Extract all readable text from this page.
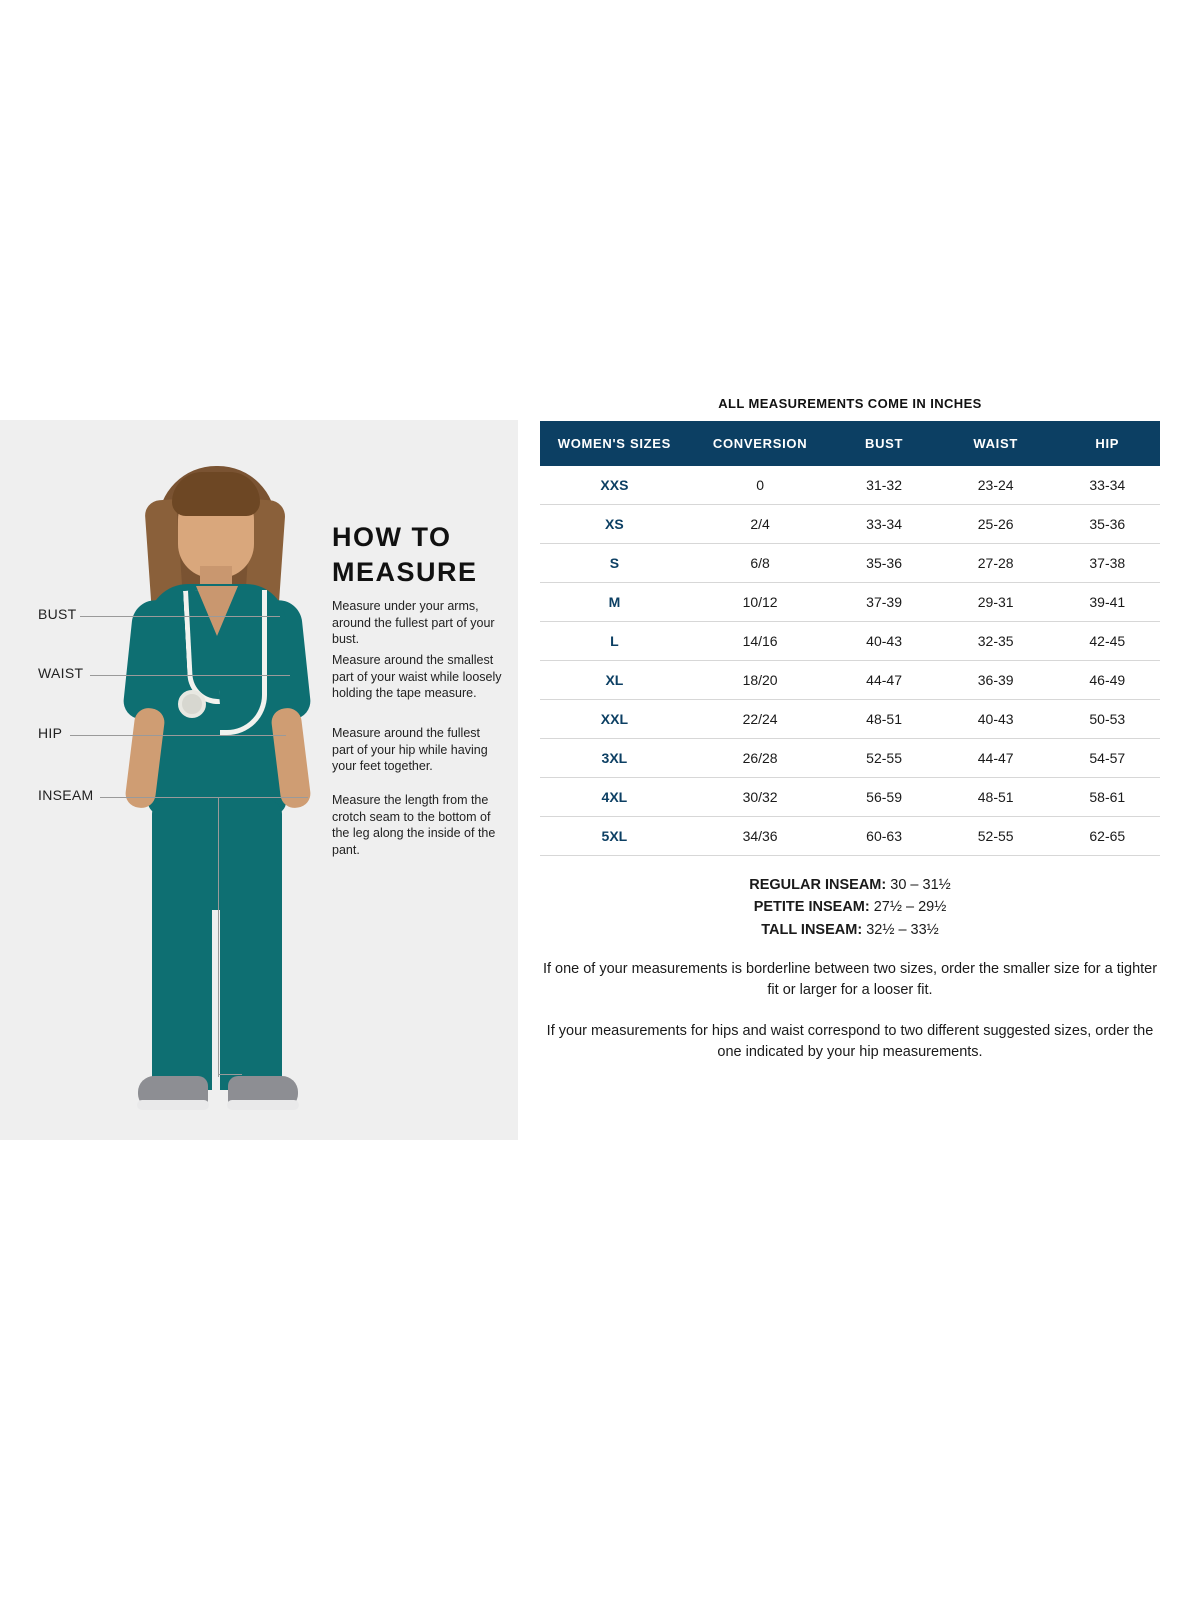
BUST
WAIST
HIP
INSEAM
HOW TO
MEASURE
Measure under your arms, around the fullest part of your bust.
Measure around the smallest part of your waist while loosely holding the tape measure.
Measure around the fullest part of your hip while having your feet together.
Measure the length from the crotch seam to the bottom of the leg along the inside of the pant.
ALL MEASUREMENTS COME IN INCHES
WOMEN'S SIZES	CONVERSION	BUST	WAIST	HIP
XXS	0	31-32	23-24	33-34
XS	2/4	33-34	25-26	35-36
S	6/8	35-36	27-28	37-38
M	10/12	37-39	29-31	39-41
L	14/16	40-43	32-35	42-45
XL	18/20	44-47	36-39	46-49
XXL	22/24	48-51	40-43	50-53
3XL	26/28	52-55	44-47	54-57
4XL	30/32	56-59	48-51	58-61
5XL	34/36	60-63	52-55	62-65
REGULAR INSEAM: 30 – 31½
PETITE INSEAM: 27½ – 29½
TALL INSEAM: 32½ – 33½
If one of your measurements is borderline between two sizes, order the smaller size for a tighter fit or larger for a looser fit.
If your measurements for hips and waist correspond to two different suggested sizes, order the one indicated by your hip measurements.
